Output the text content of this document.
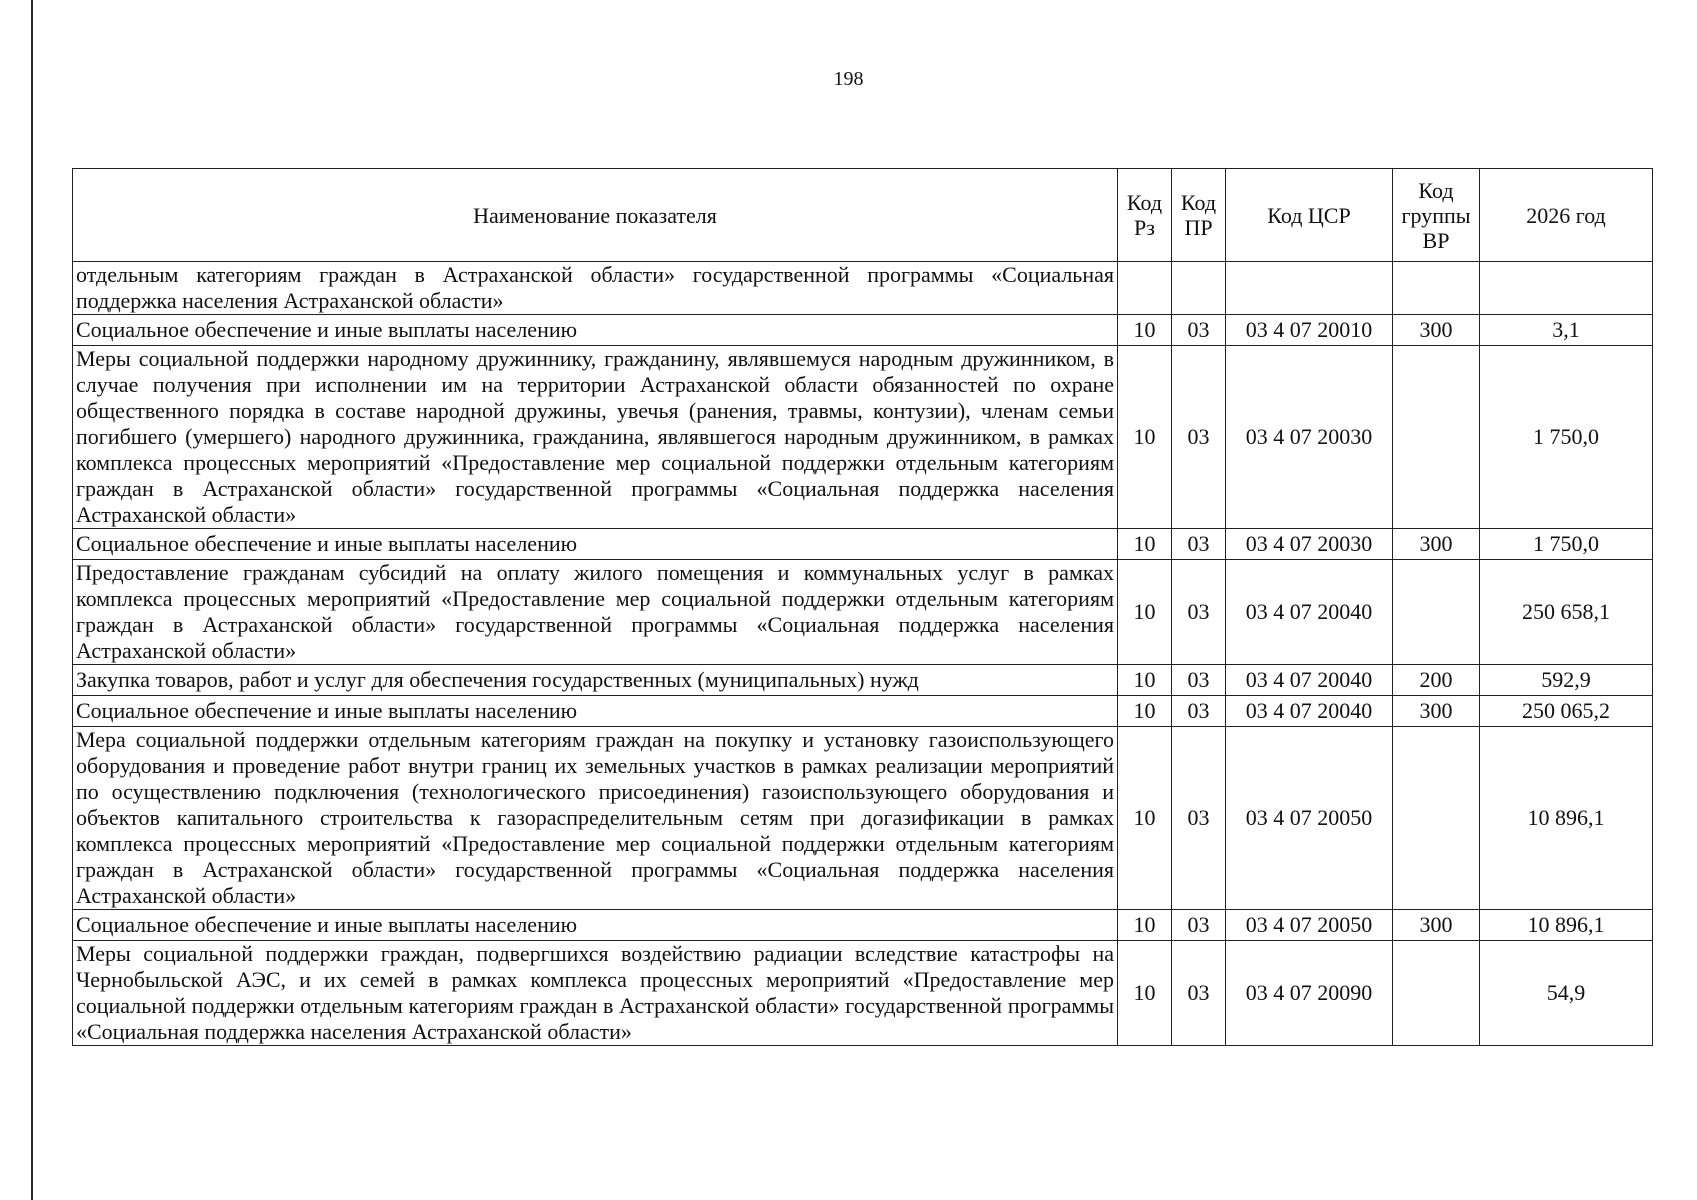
198
Наименование показателя	Код Рз	Код ПР	Код ЦСР	Код группы ВР	2026 год
отдельным категориям граждан в Астраханской области» государственной программы «Социальная поддержка населения Астраханской области»					
Социальное обеспечение и иные выплаты населению	10	03	03 4 07 20010	300	3,1
Меры социальной поддержки народному дружиннику, гражданину, являвшемуся народным дружинником, в случае получения при исполнении им на территории Астраханской области обязанностей по охране общественного порядка в составе народной дружины, увечья (ранения, травмы, контузии), членам семьи погибшего (умершего) народного дружинника, гражданина, являвшегося народным дружинником, в рамках комплекса процессных мероприятий «Предоставление мер социальной поддержки отдельным категориям граждан в Астраханской области» государственной программы «Социальная поддержка населения Астраханской области»	10	03	03 4 07 20030		1 750,0
Социальное обеспечение и иные выплаты населению	10	03	03 4 07 20030	300	1 750,0
Предоставление гражданам субсидий на оплату жилого помещения и коммунальных услуг в рамках комплекса процессных мероприятий «Предоставление мер социальной поддержки отдельным категориям граждан в Астраханской области» государственной программы «Социальная поддержка населения Астраханской области»	10	03	03 4 07 20040		250 658,1
Закупка товаров, работ и услуг для обеспечения государственных (муниципальных) нужд	10	03	03 4 07 20040	200	592,9
Социальное обеспечение и иные выплаты населению	10	03	03 4 07 20040	300	250 065,2
Мера социальной поддержки отдельным категориям граждан на покупку и установку газоиспользующего оборудования и проведение работ внутри границ их земельных участков в рамках реализации мероприятий по осуществлению подключения (технологического присоединения) газоиспользующего оборудования и объектов капитального строительства к газораспределительным сетям при догазификации в рамках комплекса процессных мероприятий «Предоставление мер социальной поддержки отдельным категориям граждан в Астраханской области» государственной программы «Социальная поддержка населения Астраханской области»	10	03	03 4 07 20050		10 896,1
Социальное обеспечение и иные выплаты населению	10	03	03 4 07 20050	300	10 896,1
Меры социальной поддержки граждан, подвергшихся воздействию радиации вследствие катастрофы на Чернобыльской АЭС, и их семей в рамках комплекса процессных мероприятий «Предоставление мер социальной поддержки отдельным категориям граждан в Астраханской области» государственной программы «Социальная поддержка населения Астраханской области»	10	03	03 4 07 20090		54,9
